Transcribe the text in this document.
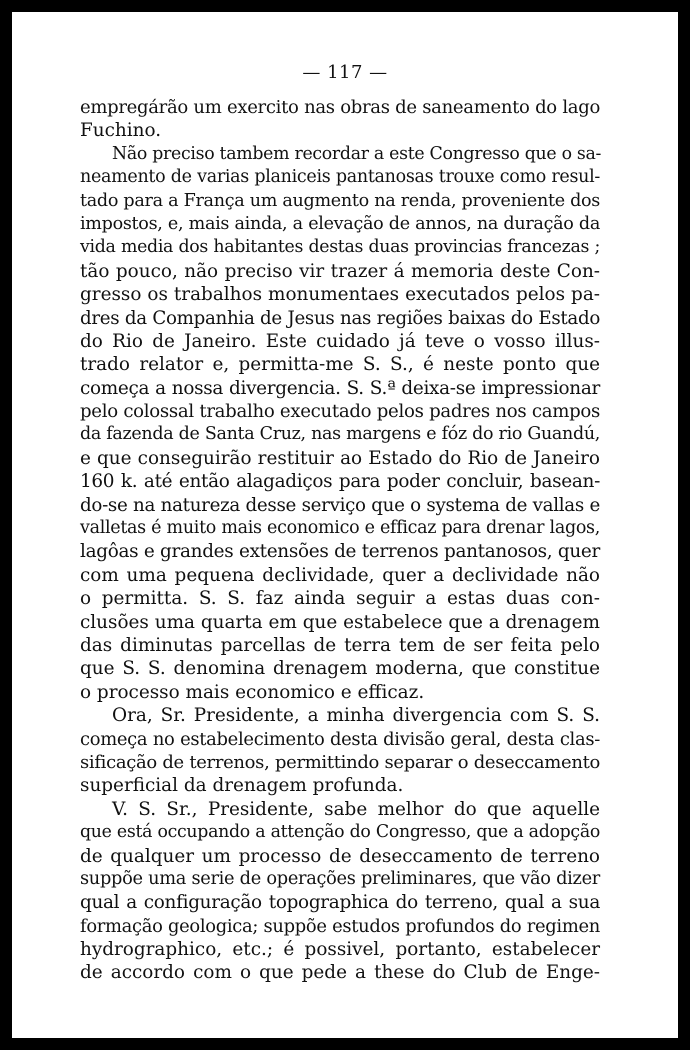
— 117 —
empregárão um exercito nas obras de saneamento do lago
Fuchino.
Não preciso tambem recordar a este Congresso que o sa-
neamento de varias planiceis pantanosas trouxe como resul-
tado para a França um augmento na renda, proveniente dos
impostos, e, mais ainda, a elevação de annos, na duração da
vida media dos habitantes destas duas provincias francezas ;
tão pouco, não preciso vir trazer á memoria deste Con-
gresso os trabalhos monumentaes executados pelos pa-
dres da Companhia de Jesus nas regiões baixas do Estado
do Rio de Janeiro. Este cuidado já teve o vosso illus-
trado relator e, permitta-me S. S., é neste ponto que
começa a nossa divergencia. S. S.ª deixa-se impressionar
pelo colossal trabalho executado pelos padres nos campos
da fazenda de Santa Cruz, nas margens e fóz do rio Guandú,
e que conseguirão restituir ao Estado do Rio de Janeiro
160 k. até então alagadiços para poder concluir, basean-
do-se na natureza desse serviço que o systema de vallas e
valletas é muito mais economico e efficaz para drenar lagos,
lagôas e grandes extensões de terrenos pantanosos, quer
com uma pequena declividade, quer a declividade não
o permitta. S. S. faz ainda seguir a estas duas con-
clusões uma quarta em que estabelece que a drenagem
das diminutas parcellas de terra tem de ser feita pelo
que S. S. denomina drenagem moderna, que constitue
o processo mais economico e efficaz.
Ora, Sr. Presidente, a minha divergencia com S. S.
começa no estabelecimento desta divisão geral, desta clas-
sificação de terrenos, permittindo separar o deseccamento
superficial da drenagem profunda.
V. S. Sr., Presidente, sabe melhor do que aquelle
que está occupando a attenção do Congresso, que a adopção
de qualquer um processo de deseccamento de terreno
suppõe uma serie de operações preliminares, que vão dizer
qual a configuração topographica do terreno, qual a sua
formação geologica; suppõe estudos profundos do regimen
hydrographico, etc.; é possivel, portanto, estabelecer
de accordo com o que pede a these do Club de Enge-
